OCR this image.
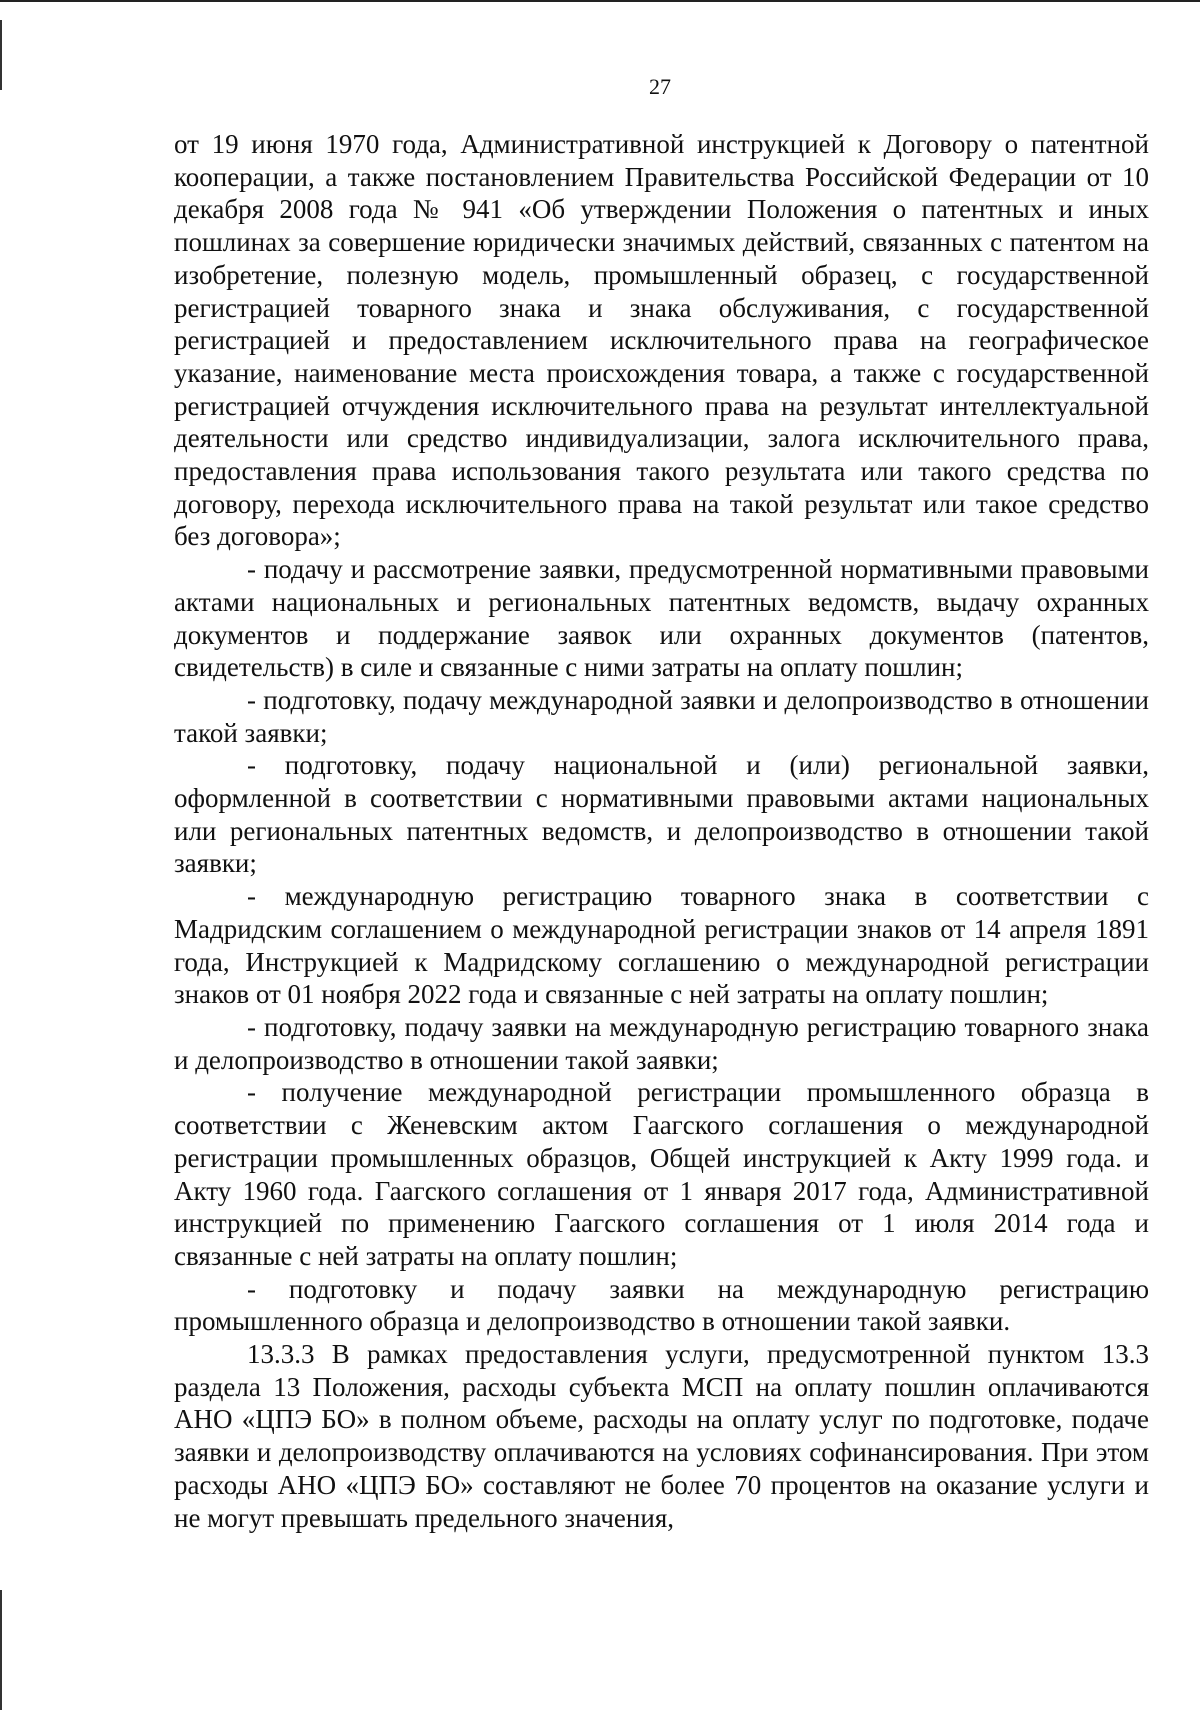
27

от 19 июня 1970 года, Административной инструкцией к Договору о патентной кооперации, а также постановлением Правительства Российской Федерации от 10 декабря 2008 года № 941 «Об утверждении Положения о патентных и иных пошлинах за совершение юридически значимых действий, связанных с патентом на изобретение, полезную модель, промышленный образец, с государственной регистрацией товарного знака и знака обслуживания, с государственной регистрацией и предоставлением исключительного права на географическое указание, наименование места происхождения товара, а также с государственной регистрацией отчуждения исключительного права на результат интеллектуальной деятельности или средство индивидуализации, залога исключительного права, предоставления права использования такого результата или такого средства по договору, перехода исключительного права на такой результат или такое средство без договора»;

- подачу и рассмотрение заявки, предусмотренной нормативными правовыми актами национальных и региональных патентных ведомств, выдачу охранных документов и поддержание заявок или охранных документов (патентов, свидетельств) в силе и связанные с ними затраты на оплату пошлин;

- подготовку, подачу международной заявки и делопроизводство в отношении такой заявки;

- подготовку, подачу национальной и (или) региональной заявки, оформленной в соответствии с нормативными правовыми актами национальных или региональных патентных ведомств, и делопроизводство в отношении такой заявки;

- международную регистрацию товарного знака в соответствии с Мадридским соглашением о международной регистрации знаков от 14 апреля 1891 года, Инструкцией к Мадридскому соглашению о международной регистрации знаков от 01 ноября 2022 года и связанные с ней затраты на оплату пошлин;

- подготовку, подачу заявки на международную регистрацию товарного знака и делопроизводство в отношении такой заявки;

- получение международной регистрации промышленного образца в соответствии с Женевским актом Гаагского соглашения о международной регистрации промышленных образцов, Общей инструкцией к Акту 1999 года. и Акту 1960 года. Гаагского соглашения от 1 января 2017 года, Административной инструкцией по применению Гаагского соглашения от 1 июля 2014 года и связанные с ней затраты на оплату пошлин;

- подготовку и подачу заявки на международную регистрацию промышленного образца и делопроизводство в отношении такой заявки.

13.3.3 В рамках предоставления услуги, предусмотренной пунктом 13.3 раздела 13 Положения, расходы субъекта МСП на оплату пошлин оплачиваются АНО «ЦПЭ БО» в полном объеме, расходы на оплату услуг по подготовке, подаче заявки и делопроизводству оплачиваются на условиях софинансирования. При этом расходы АНО «ЦПЭ БО» составляют не более 70 процентов на оказание услуги и не могут превышать предельного значения,
